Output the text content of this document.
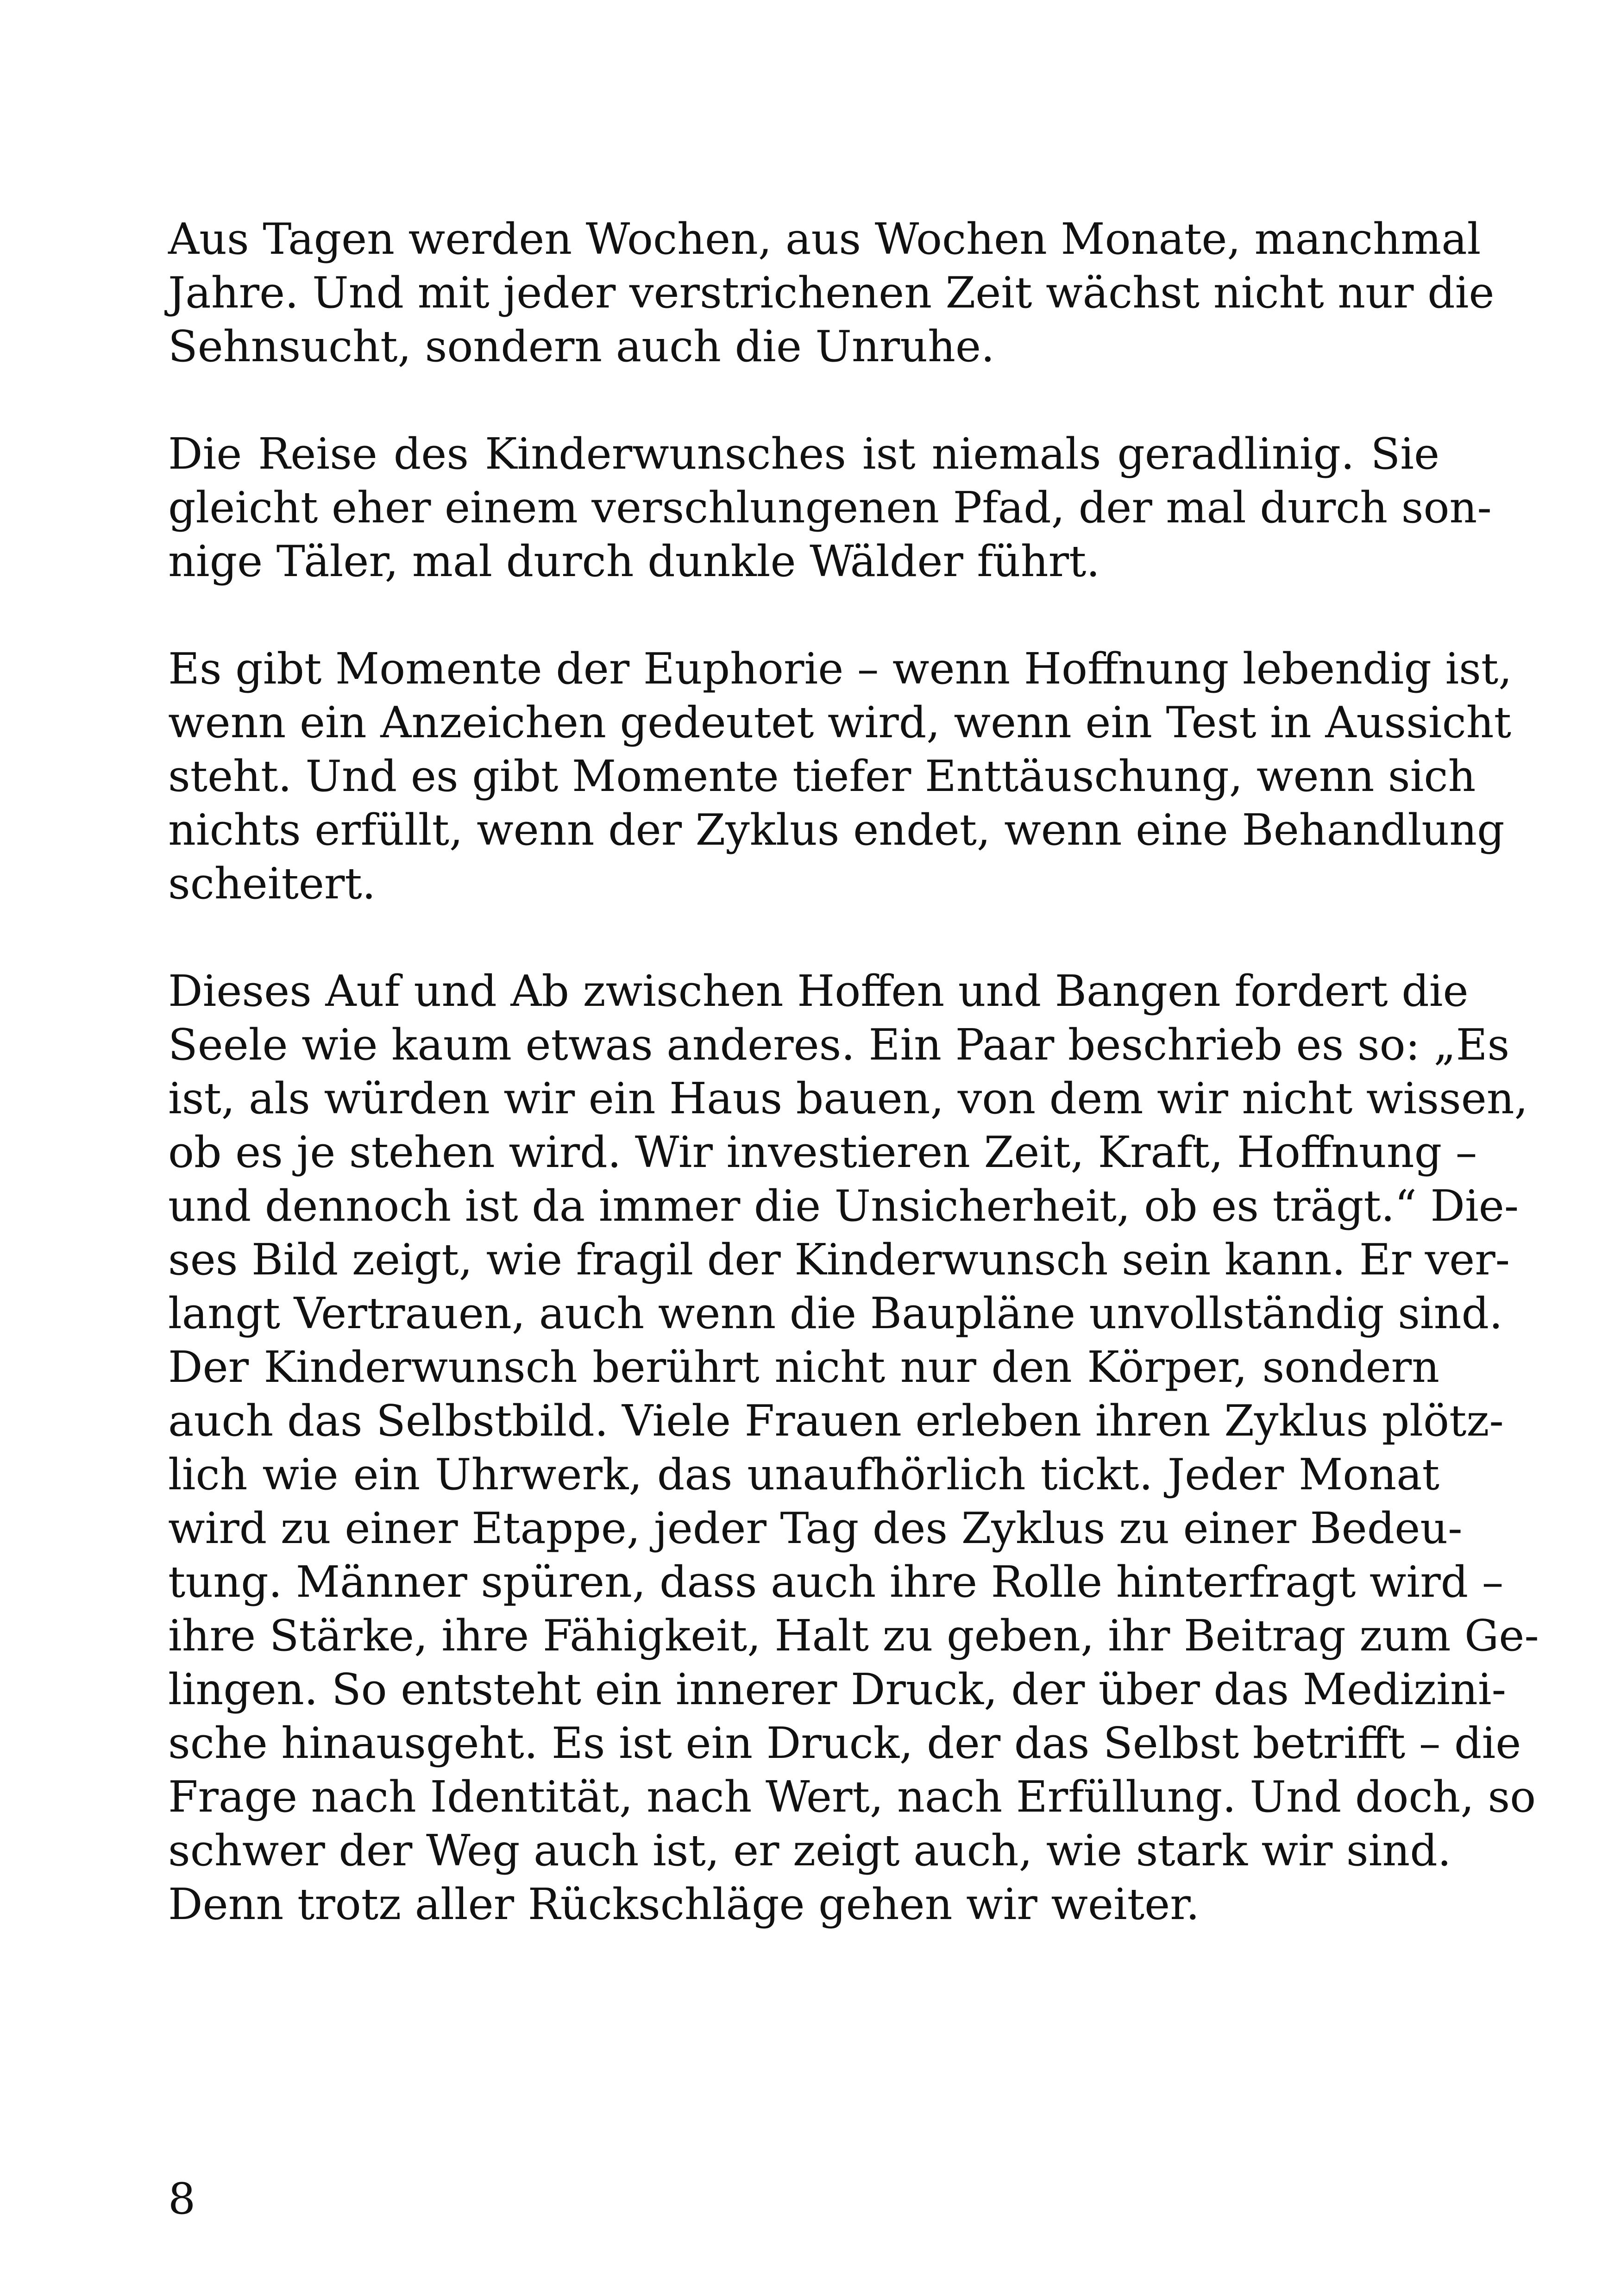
Aus Tagen werden Wochen, aus Wochen Monate, manchmal
Jahre. Und mit jeder verstrichenen Zeit wächst nicht nur die
Sehnsucht, sondern auch die Unruhe.

Die Reise des Kinderwunsches ist niemals geradlinig. Sie
gleicht eher einem verschlungenen Pfad, der mal durch son-
nige Täler, mal durch dunkle Wälder führt.

Es gibt Momente der Euphorie – wenn Hoffnung lebendig ist,
wenn ein Anzeichen gedeutet wird, wenn ein Test in Aussicht
steht. Und es gibt Momente tiefer Enttäuschung, wenn sich
nichts erfüllt, wenn der Zyklus endet, wenn eine Behandlung
scheitert.

Dieses Auf und Ab zwischen Hoffen und Bangen fordert die
Seele wie kaum etwas anderes. Ein Paar beschrieb es so: „Es
ist, als würden wir ein Haus bauen, von dem wir nicht wissen,
ob es je stehen wird. Wir investieren Zeit, Kraft, Hoffnung –
und dennoch ist da immer die Unsicherheit, ob es trägt.“ Die-
ses Bild zeigt, wie fragil der Kinderwunsch sein kann. Er ver-
langt Vertrauen, auch wenn die Baupläne unvollständig sind.
Der Kinderwunsch berührt nicht nur den Körper, sondern
auch das Selbstbild. Viele Frauen erleben ihren Zyklus plötz-
lich wie ein Uhrwerk, das unaufhörlich tickt. Jeder Monat
wird zu einer Etappe, jeder Tag des Zyklus zu einer Bedeu-
tung. Männer spüren, dass auch ihre Rolle hinterfragt wird –
ihre Stärke, ihre Fähigkeit, Halt zu geben, ihr Beitrag zum Ge-
lingen. So entsteht ein innerer Druck, der über das Medizini-
sche hinausgeht. Es ist ein Druck, der das Selbst betrifft – die
Frage nach Identität, nach Wert, nach Erfüllung. Und doch, so
schwer der Weg auch ist, er zeigt auch, wie stark wir sind.
Denn trotz aller Rückschläge gehen wir weiter.

8
